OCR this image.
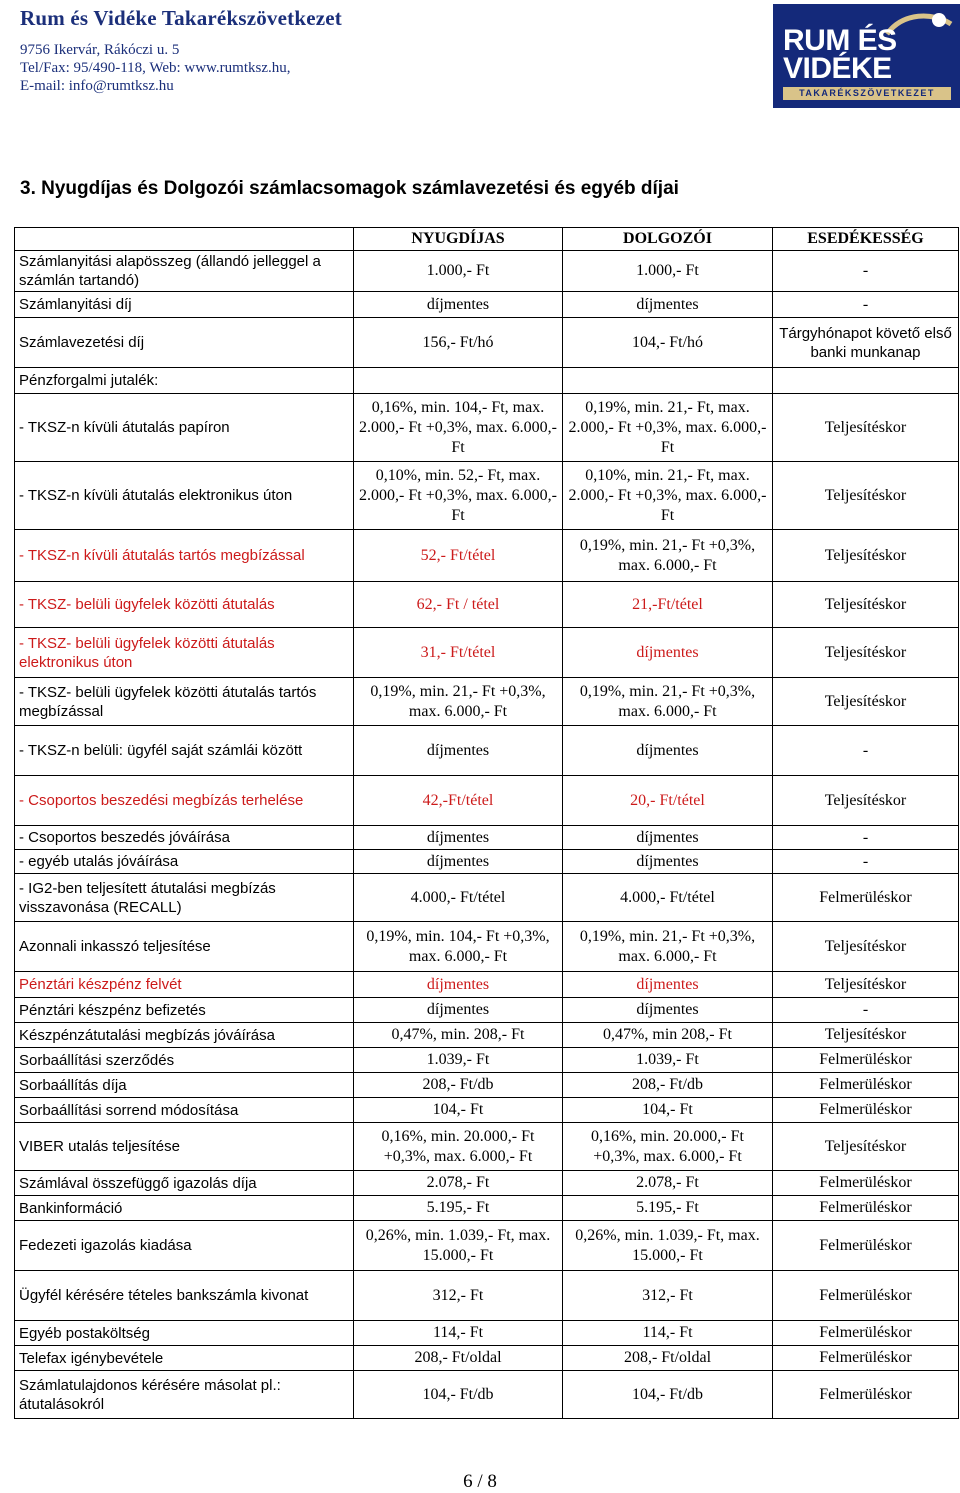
Rum és Vidéke Takarékszövetkezet
9756 Ikervár, Rákóczi u. 5
Tel/Fax: 95/490-118, Web: www.rumtksz.hu,
E-mail: info@rumtksz.hu
RUM ÉS
VIDÉKE
TAKARÉKSZÖVETKEZET
3. Nyugdíjas és Dolgozói számlacsomagok számlavezetési és egyéb díjai
	NYUGDÍJAS	DOLGOZÓI	ESEDÉKESSÉG
Számlanyitási alapösszeg (állandó jelleggel a számlán tartandó)	1.000,- Ft	1.000,- Ft	-
Számlanyitási díj	díjmentes	díjmentes	-
Számlavezetési díj	156,- Ft/hó	104,- Ft/hó	Tárgyhónapot követő első banki munkanap
Pénzforgalmi jutalék:			
- TKSZ-n kívüli átutalás papíron	0,16%, min. 104,- Ft, max. 2.000,- Ft +0,3%, max. 6.000,- Ft	0,19%, min. 21,- Ft, max. 2.000,- Ft +0,3%, max. 6.000,- Ft	Teljesítéskor
- TKSZ-n kívüli átutalás elektronikus úton	0,10%, min. 52,- Ft, max. 2.000,- Ft +0,3%, max. 6.000,- Ft	0,10%, min. 21,- Ft, max. 2.000,- Ft +0,3%, max. 6.000,- Ft	Teljesítéskor
- TKSZ-n kívüli átutalás tartós megbízással	52,- Ft/tétel	0,19%, min. 21,- Ft +0,3%, max. 6.000,- Ft	Teljesítéskor
- TKSZ- belüli ügyfelek közötti átutalás	62,- Ft / tétel	21,-Ft/tétel	Teljesítéskor
- TKSZ- belüli ügyfelek közötti átutalás elektronikus úton	31,- Ft/tétel	díjmentes	Teljesítéskor
- TKSZ- belüli ügyfelek közötti átutalás tartós megbízással	0,19%, min. 21,- Ft +0,3%, max. 6.000,- Ft	0,19%, min. 21,- Ft +0,3%, max. 6.000,- Ft	Teljesítéskor
- TKSZ-n belüli: ügyfél saját számlái között	díjmentes	díjmentes	-
- Csoportos beszedési megbízás terhelése	42,-Ft/tétel	20,- Ft/tétel	Teljesítéskor
- Csoportos beszedés jóváírása	díjmentes	díjmentes	-
- egyéb utalás jóváírása	díjmentes	díjmentes	-
- IG2-ben teljesített átutalási megbízás visszavonása (RECALL)	4.000,- Ft/tétel	4.000,- Ft/tétel	Felmerüléskor
Azonnali inkasszó teljesítése	0,19%, min. 104,- Ft +0,3%, max. 6.000,- Ft	0,19%, min. 21,- Ft +0,3%, max. 6.000,- Ft	Teljesítéskor
Pénztári készpénz felvét	díjmentes	díjmentes	Teljesítéskor
Pénztári készpénz befizetés	díjmentes	díjmentes	-
Készpénzátutalási megbízás jóváírása	0,47%, min. 208,- Ft	0,47%, min 208,- Ft	Teljesítéskor
Sorbaállítási szerződés	1.039,- Ft	1.039,- Ft	Felmerüléskor
Sorbaállítás díja	208,- Ft/db	208,- Ft/db	Felmerüléskor
Sorbaállítási sorrend módosítása	104,- Ft	104,- Ft	Felmerüléskor
VIBER utalás teljesítése	0,16%, min. 20.000,- Ft +0,3%, max. 6.000,- Ft	0,16%, min. 20.000,- Ft +0,3%, max. 6.000,- Ft	Teljesítéskor
Számlával összefüggő igazolás díja	2.078,- Ft	2.078,- Ft	Felmerüléskor
Bankinformáció	5.195,- Ft	5.195,- Ft	Felmerüléskor
Fedezeti igazolás kiadása	0,26%, min. 1.039,- Ft, max. 15.000,- Ft	0,26%, min. 1.039,- Ft, max. 15.000,- Ft	Felmerüléskor
Ügyfél kérésére tételes bankszámla kivonat	312,- Ft	312,- Ft	Felmerüléskor
Egyéb postaköltség	114,- Ft	114,- Ft	Felmerüléskor
Telefax igénybevétele	208,- Ft/oldal	208,- Ft/oldal	Felmerüléskor
Számlatulajdonos kérésére másolat pl.: átutalásokról	104,- Ft/db	104,- Ft/db	Felmerüléskor
6 / 8
